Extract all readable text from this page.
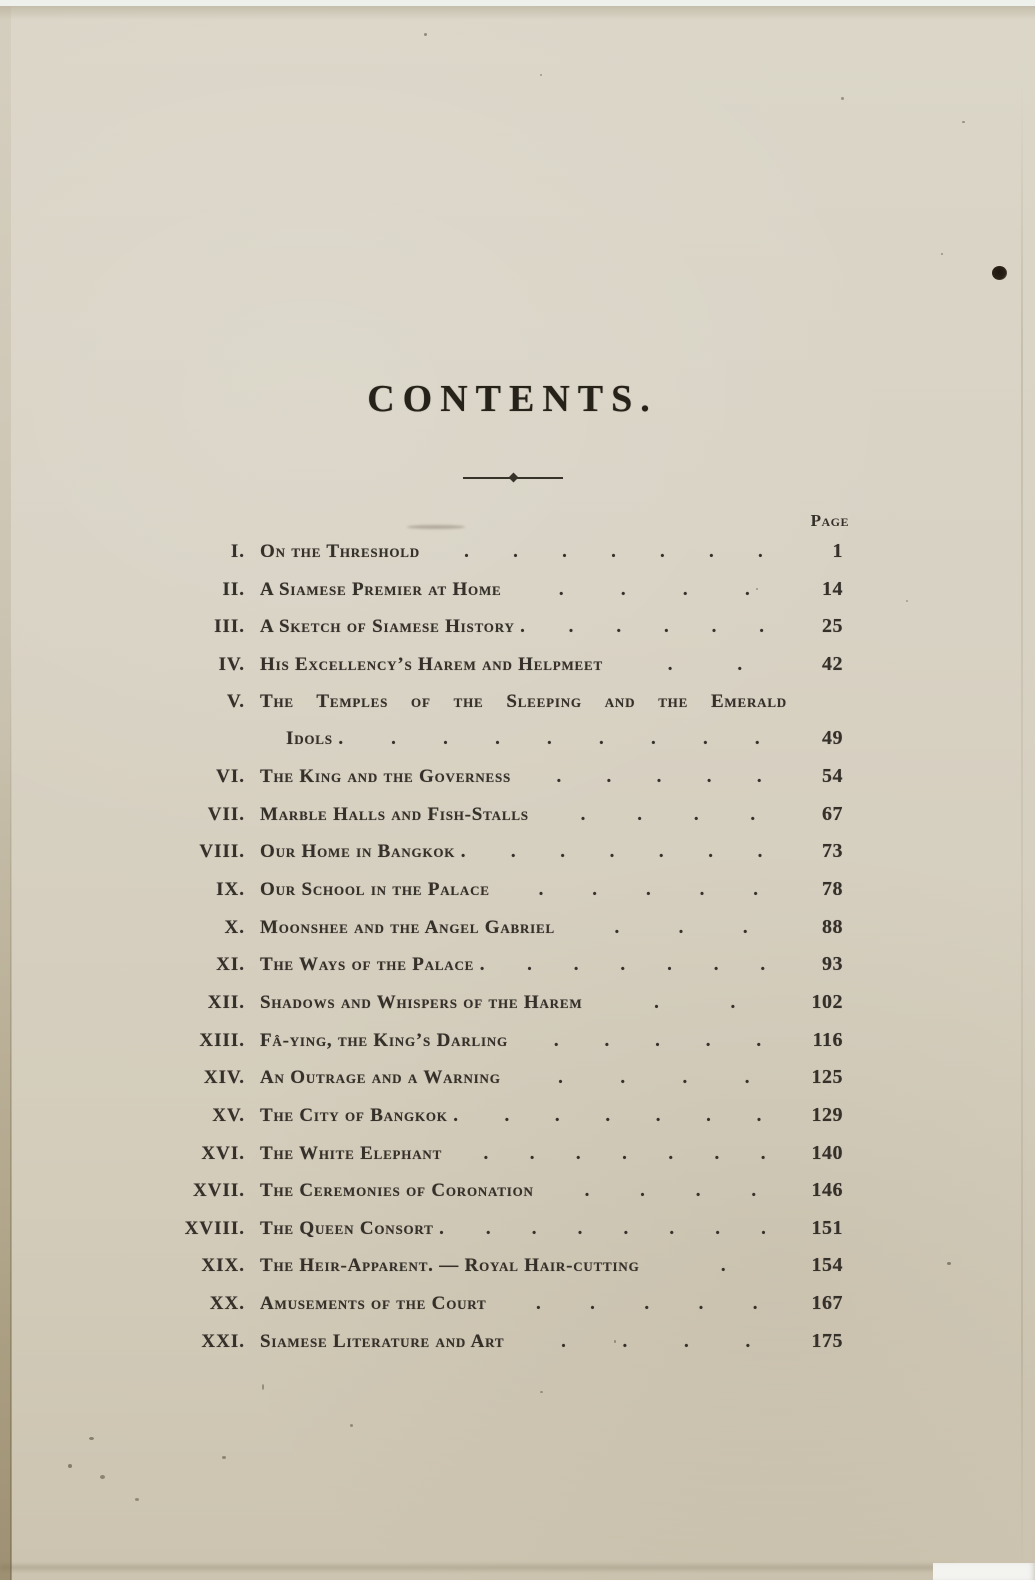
CONTENTS.
Page
I. On the Threshold . . . . . . .	1
II. A Siamese Premier at Home	.	.	.	.	14
III. A Sketch of Siamese History . . . . . .	25
IV. His Excellency’s Harem and Helpmeet	.	.	42
V. The Temples of the Sleeping and the Emerald
Idols . . . . . . . . .	49
VI. The King and the Governess . . . . .	54
VII. Marble Halls and Fish-Stalls	.	.	.	.	67
VIII. Our Home in Bangkok . . . . . . .	73
IX. Our School in the Palace	.	.	.	.	.	78
X. Moonshee and the Angel Gabriel	.	.	.	88
XI. The Ways of the Palace . . . . . . .	93
XII. Shadows and Whispers of the Harem	.	.	102
XIII. Fâ-ying, the King’s Darling . . . . .	116
XIV. An Outrage and a Warning	.	.	.	.	125
XV. The City of Bangkok . . . . . . .	129
XVI. The White Elephant . . . . . . . 140
XVII. The Ceremonies of Coronation	.	.	.	.	146
XVIII. The Queen Consort . . . . . . . . 151
XIX. The Heir-Apparent. — Royal Hair-cutting	.	154
XX. Amusements of the Court	.	.	.	.	.	167
XXI. Siamese Literature and Art	.	.	.	.	175
